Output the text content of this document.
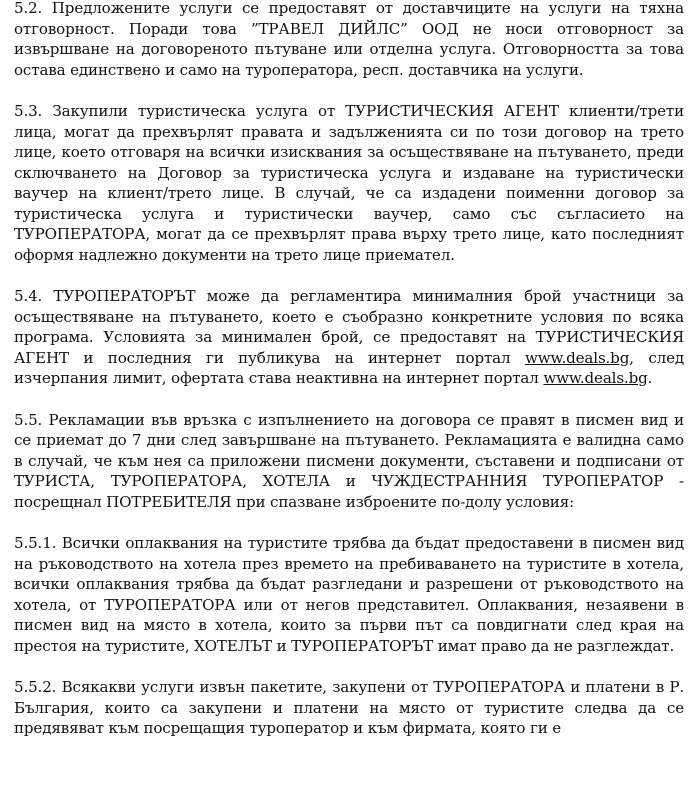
5.2. Предложените услуги се предоставят от доставчиците на услуги на тяхна отговорност. Поради това ”ТРАВЕЛ ДИЙЛС” ООД не носи отговорност за извършване на договореното пътуване или отделна услуга. Отговорността за това остава единствено и само на туроператора, респ. доставчика на услуги.

5.3. Закупили туристическа услуга от ТУРИСТИЧЕСКИЯ АГЕНТ клиенти/трети лица, могат да прехвърлят правата и задълженията си по този договор на трето лице, което отговаря на всички изисквания за осъществяване на пътуването, преди сключването на Договор за туристическа услуга и издаване на туристически ваучер на клиент/трето лице. В случай, че са издадени поименни договор за туристическа услуга и туристически ваучер, само със съгласието на ТУРОПЕРАТОРА, могат да се прехвърлят права върху трето лице, като последният оформя надлежно документи на трето лице приемател.

5.4. ТУРОПЕРАТОРЪТ може да регламентира минималния брой участници за осъществяване на пътуването, което е съобразно конкретните условия по всяка програма. Условията за минимален брой, се предоставят на ТУРИСТИЧЕСКИЯ АГЕНТ и последния ги публикува на интернет портал www.deals.bg, след изчерпания лимит, офертата става неактивна на интернет портал www.deals.bg.

5.5. Рекламации във връзка с изпълнението на договора се правят в писмен вид и се приемат до 7 дни след завършване на пътуването. Рекламацията е валидна само в случай, че към нея са приложени писмени документи, съставени и подписани от ТУРИСТА, ТУРОПЕРАТОРА, ХОТЕЛА и ЧУЖДЕСТРАННИЯ ТУРОПЕРАТОР - посрещнал ПОТРЕБИТЕЛЯ при спазване изброените по-долу условия:

5.5.1. Всички оплаквания на туристите трябва да бъдат предоставени в писмен вид на ръководството на хотела през времето на пребиваването на туристите в хотела, всички оплаквания трябва да бъдат разгледани и разрешени от ръководството на хотела, от ТУРОПЕРАТОРА или от негов представител. Оплаквания, незаявени в писмен вид на място в хотела, които за първи път са повдигнати след края на престоя на туристите, ХОТЕЛЪТ и ТУРОПЕРАТОРЪТ имат право да не разглеждат.

5.5.2. Всякакви услуги извън пакетите, закупени от ТУРОПЕРАТОРА и платени в Р. България, които са закупени и платени на място от туристите следва да се предявяват към посрещащия туроператор и към фирмата, която ги е
